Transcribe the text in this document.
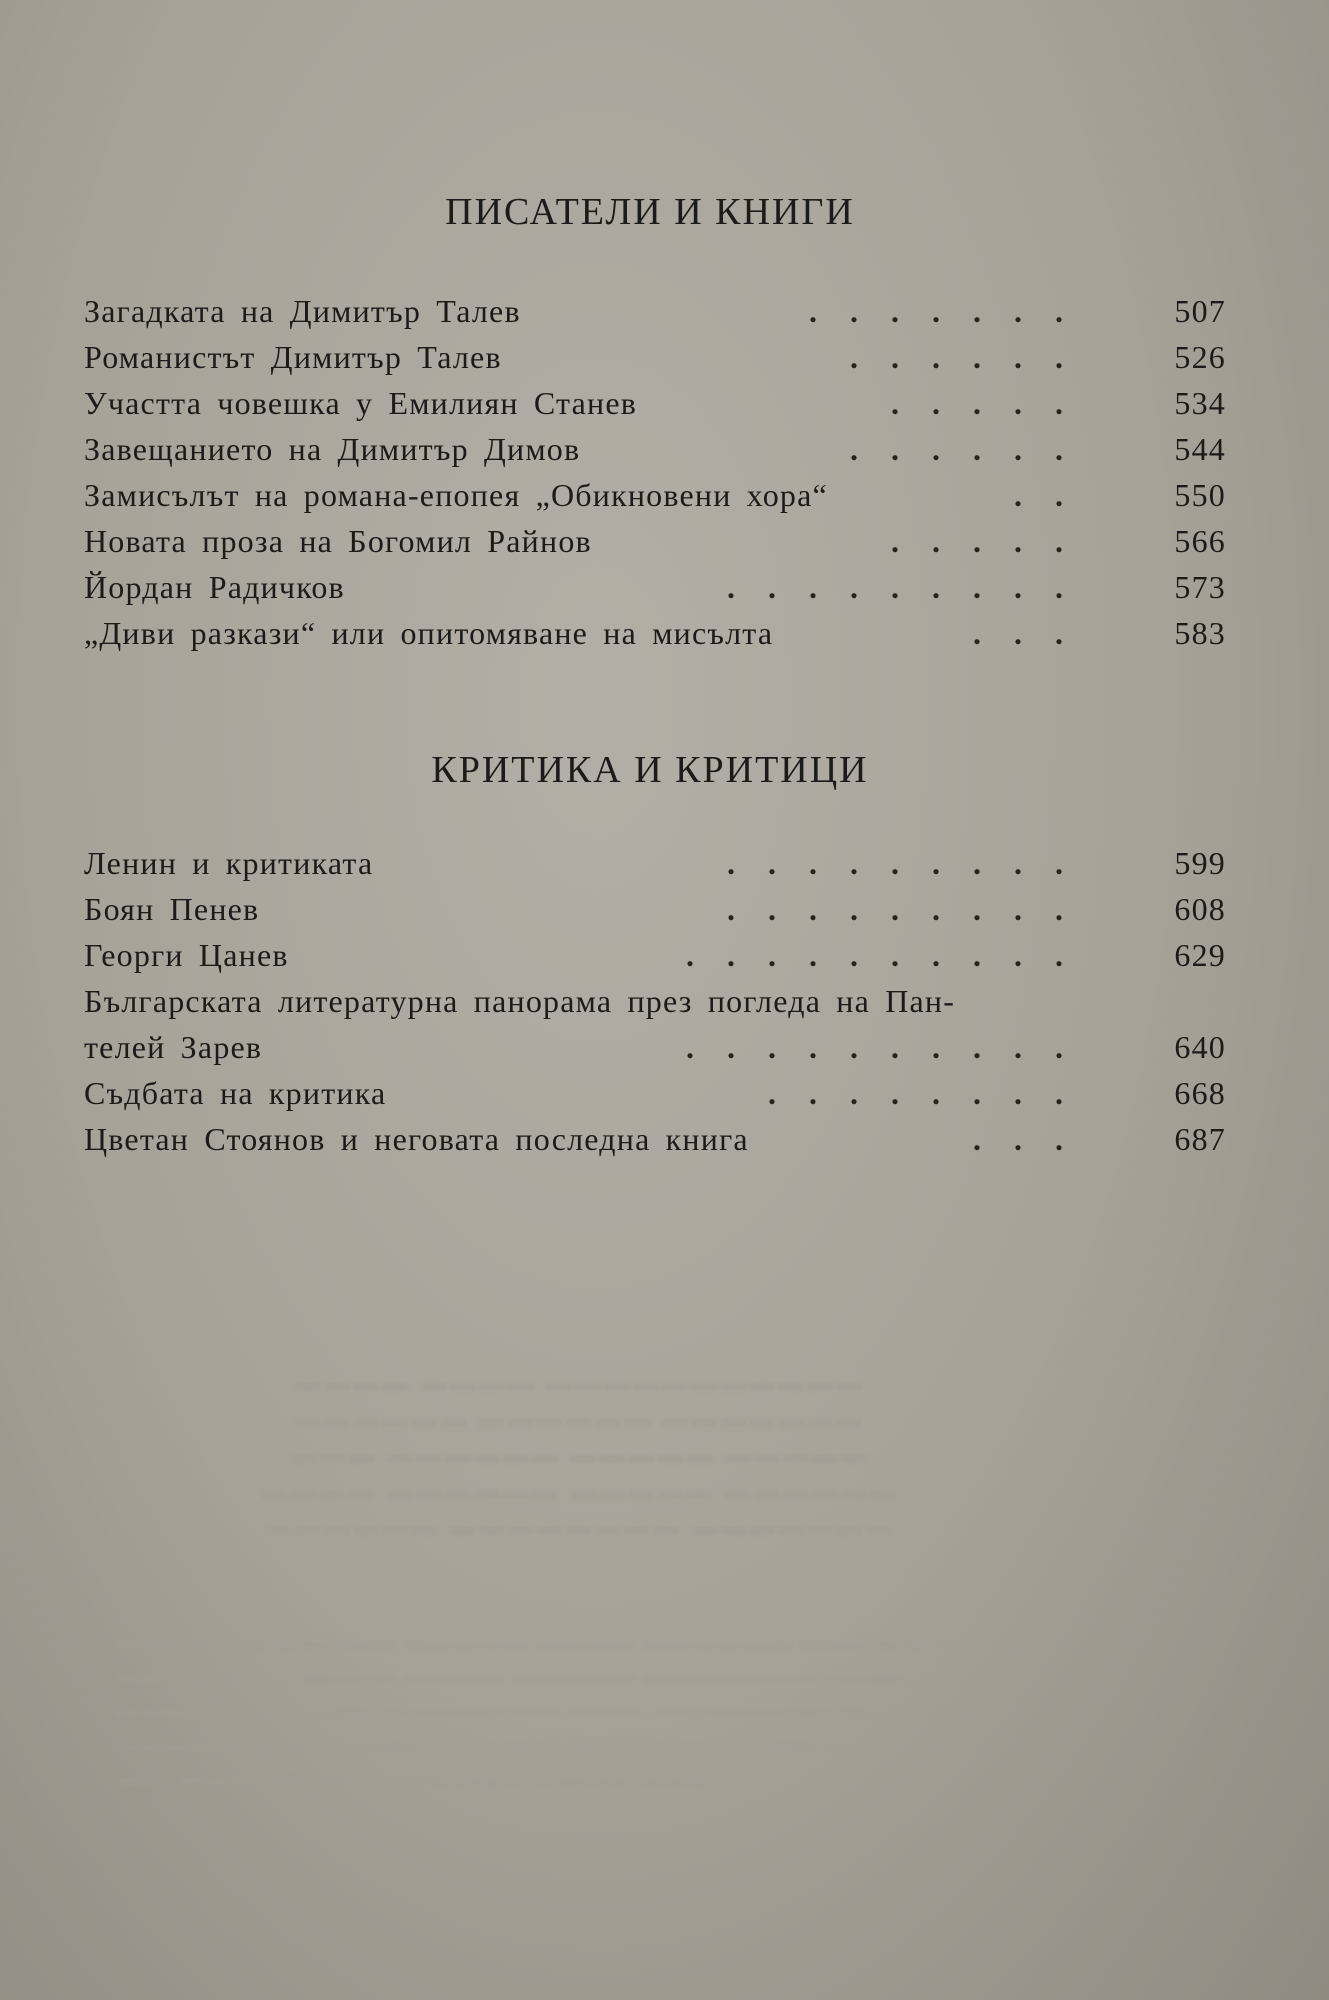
ПИСАТЕЛИ И КНИГИ
Загадката на Димитър Талев	....... 507
Романистът Димитър Талев	...... 526
Участта човешка у Емилиян Станев	..... 534
Завещанието на Димитър Димов	...... 544
Замисълът на романа-епопея „Обикновени хора“	.. 550
Новата проза на Богомил Райнов	..... 566
Йордан Радичков	......... 573
„Диви разкази“ или опитомяване на мисълта	... 583
КРИТИКА И КРИТИЦИ
Ленин и критиката	......... 599
Боян Пенев	......... 608
Георги Цанев	.......... 629
Българската литературна панорама през погледа на Пан-
телей Зарев	.......... 640
Съдбата на критика	........ 668
Цветан Стоянов и неговата последна книга	... 687
▬▬▬▬ ▬▬▬▬ ▬▬▬▬▬▬▬▬▬▬▬
▬▬▬▬▬▬ ▬▬▬▬▬▬ ▬▬▬▬▬▬▬
▬▬▬ ▬▬▬▬▬▬ ▬▬▬▬▬ ▬▬▬▬▬
▬▬▬▬ ▬▬▬▬▬▬ ▬▬▬▬▬ ▬▬▬▬▬▬
▬▬▬▬▬▬ ▬▬▬▬▬▬▬▬ ▬▬▬▬▬▬▬
▬▬▬▬▬ ▬▬▬▬▬▬ ▬▬▬▬▬ ▬▬▬▬ ▬▬▬▬▬▬ ▬▬▬▬ ▬▬▬
▬▬▬▬▬▬▬ ▬▬▬▬ ▬▬▬▬ ▬▬▬▬▬ ▬▬▬▬▬▬▬ ▬▬▬▬
▬▬▬▬▬ ▬▬▬▬▬ ▬▬▬▬▬ ▬▬ ▬▬▬. ▬▬▬▬▬▬▬ ▬▬▬▬
▬▬▬▬▬ ▬▬ ▬▬▬▬ ▬▬ ▬. ▬▬. ▬▬▬▬ ▬. ▬▬▬▬ ▬▬
▬▬. ▬▬▬. ▬▬▬▬ ▬▬▬▬▬▬ ▬▬▬▬ ▬▬▬
